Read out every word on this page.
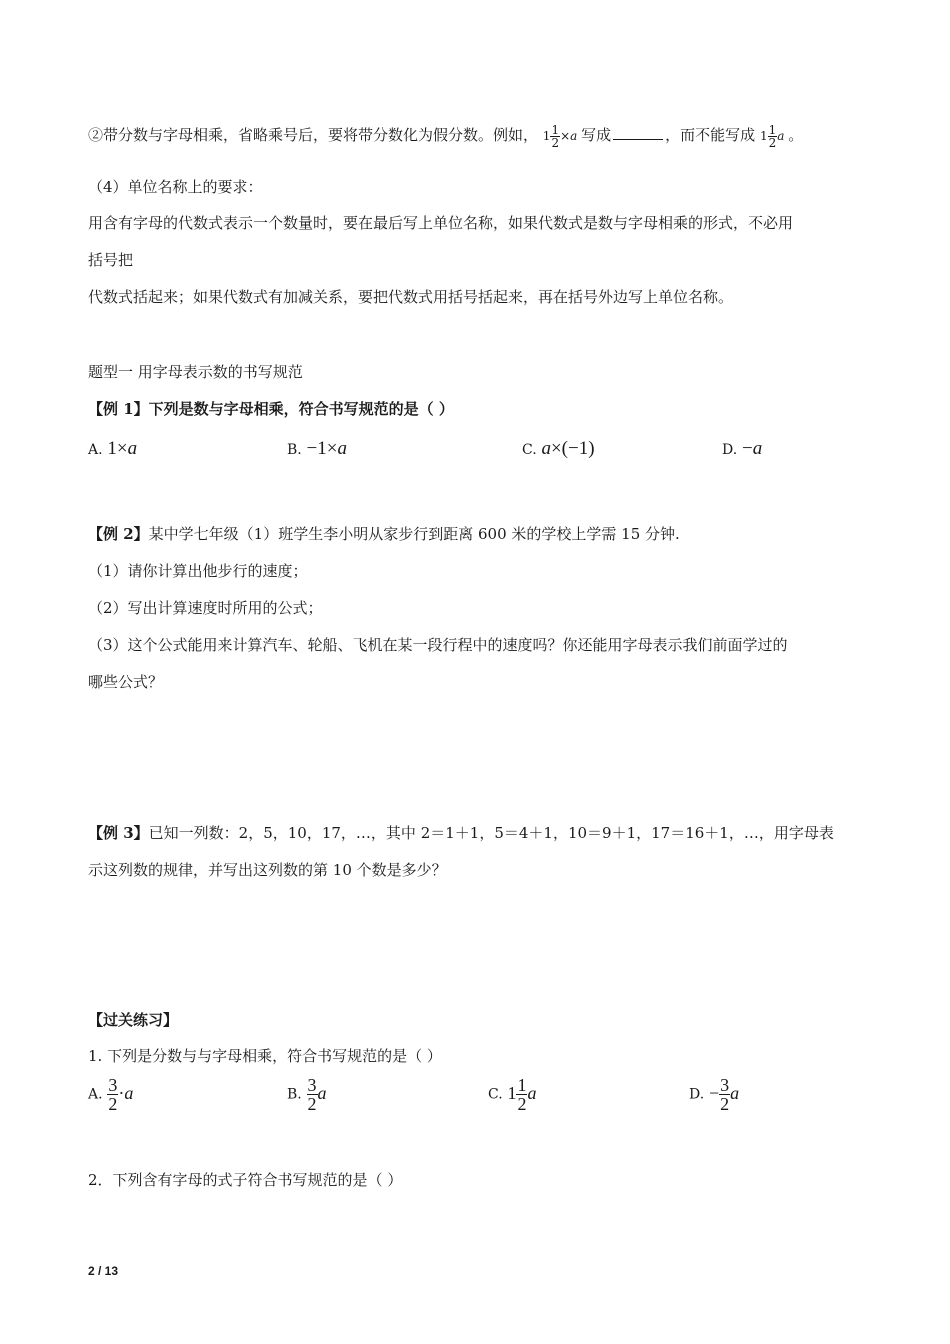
②带分数与字母相乘，省略乘号后，要将带分数化为假分数。例如， $1 \frac{1}{2} \times a$ 写成	，而不能写成 $1 \frac{1}{2}$ a 。
（4）单位名称上的要求：
用含有字母的代数式表示一个数量时，要在最后写上单位名称，如果代数式是数与字母相乘的形式，不必用
括号把
代数式括起来；如果代数式有加减关系，要把代数式用括号括起来，再在括号外边写上单位名称。
题型一 用字母表示数的书写规范
【例 1】下列是数与字母相乘，符合书写规范的是（ ）
A. 1×a	B. −1×a	C. a×(−1)	D. −a
【例 2】某中学七年级（1）班学生李小明从家步行到距离 600 米的学校上学需 15 分钟.
（1）请你计算出他步行的速度；
（2）写出计算速度时所用的公式；
（3）这个公式能用来计算汽车、轮船、飞机在某一段行程中的速度吗？你还能用字母表示我们前面学过的
哪些公式？
【例 3】已知一列数：2，5，10，17，…，其中 2＝1＋1，5＝4＋1，10＝9＋1，17＝16＋1，…，用字母表
示这列数的规律，并写出这列数的第 10 个数是多少？
【过关练习】
1. 下列是分数与与字母相乘，符合书写规范的是（ ）
A. $\frac{3}{2} \cdot a$	B. $\frac{3}{2}$ a	C. $1 \frac{1}{2}$ a	D. − $\frac{3}{2}$ a
2．下列含有字母的式子符合书写规范的是（ ）
2 / 13
